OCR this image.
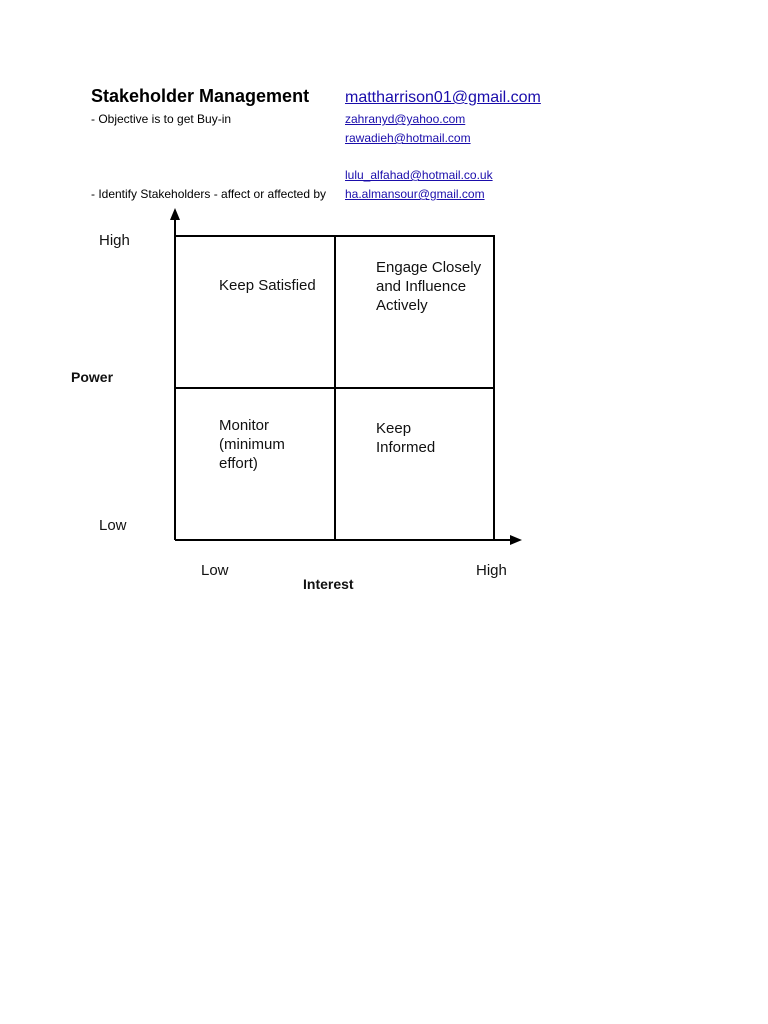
Stakeholder Management
- Objective is to get Buy-in
- Identify Stakeholders - affect or affected by
mattharrison01@gmail.com
zahranyd@yahoo.com
rawadieh@hotmail.com
lulu_alfahad@hotmail.co.uk
ha.almansour@gmail.com
High
Power
Low
Low
Interest
High
Keep Satisfied
Engage Closely and Influence Actively
Monitor (minimum effort)
Keep Informed
